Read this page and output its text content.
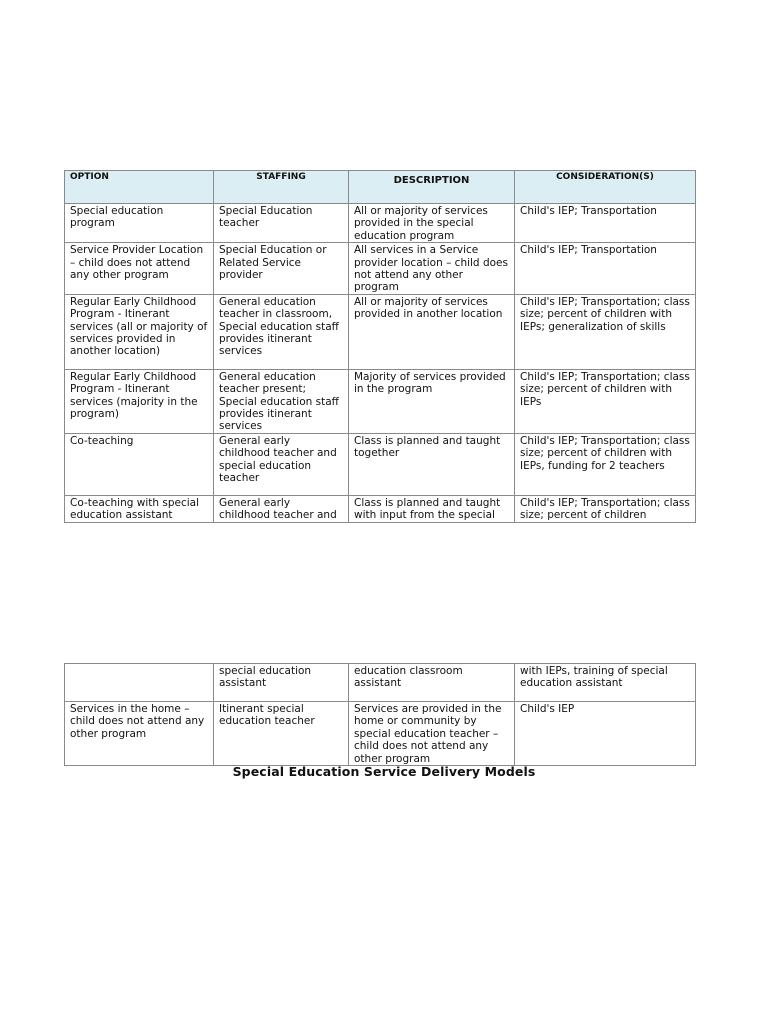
OPTION	STAFFING	DESCRIPTION	CONSIDERATION(S)
Special education program	Special Education teacher	All or majority of services provided in the special education program	Child's IEP; Transportation
Service Provider Location – child does not attend any other program	Special Education or Related Service provider	All services in a Service provider location – child does not attend any other program	Child's IEP; Transportation
Regular Early Childhood Program - Itinerant services (all or majority of services provided in another location)	General education teacher in classroom, Special education staff provides itinerant services	All or majority of services provided in another location	Child's IEP; Transportation; class size; percent of children with IEPs; generalization of skills
Regular Early Childhood Program - Itinerant services (majority in the program)	General education teacher present; Special education staff provides itinerant services	Majority of services provided in the program	Child's IEP; Transportation; class size; percent of children with IEPs
Co-teaching	General early childhood teacher and special education teacher	Class is planned and taught together	Child's IEP; Transportation; class size; percent of children with IEPs, funding for 2 teachers
Co-teaching with special education assistant	General early childhood teacher and	Class is planned and taught with input from the special	Child's IEP; Transportation; class size; percent of children
	special education assistant	education classroom assistant	with IEPs, training of special education assistant
Services in the home – child does not attend any other program	Itinerant special education teacher	Services are provided in the home or community by special education teacher – child does not attend any other program	Child's IEP
Special Education Service Delivery Models
